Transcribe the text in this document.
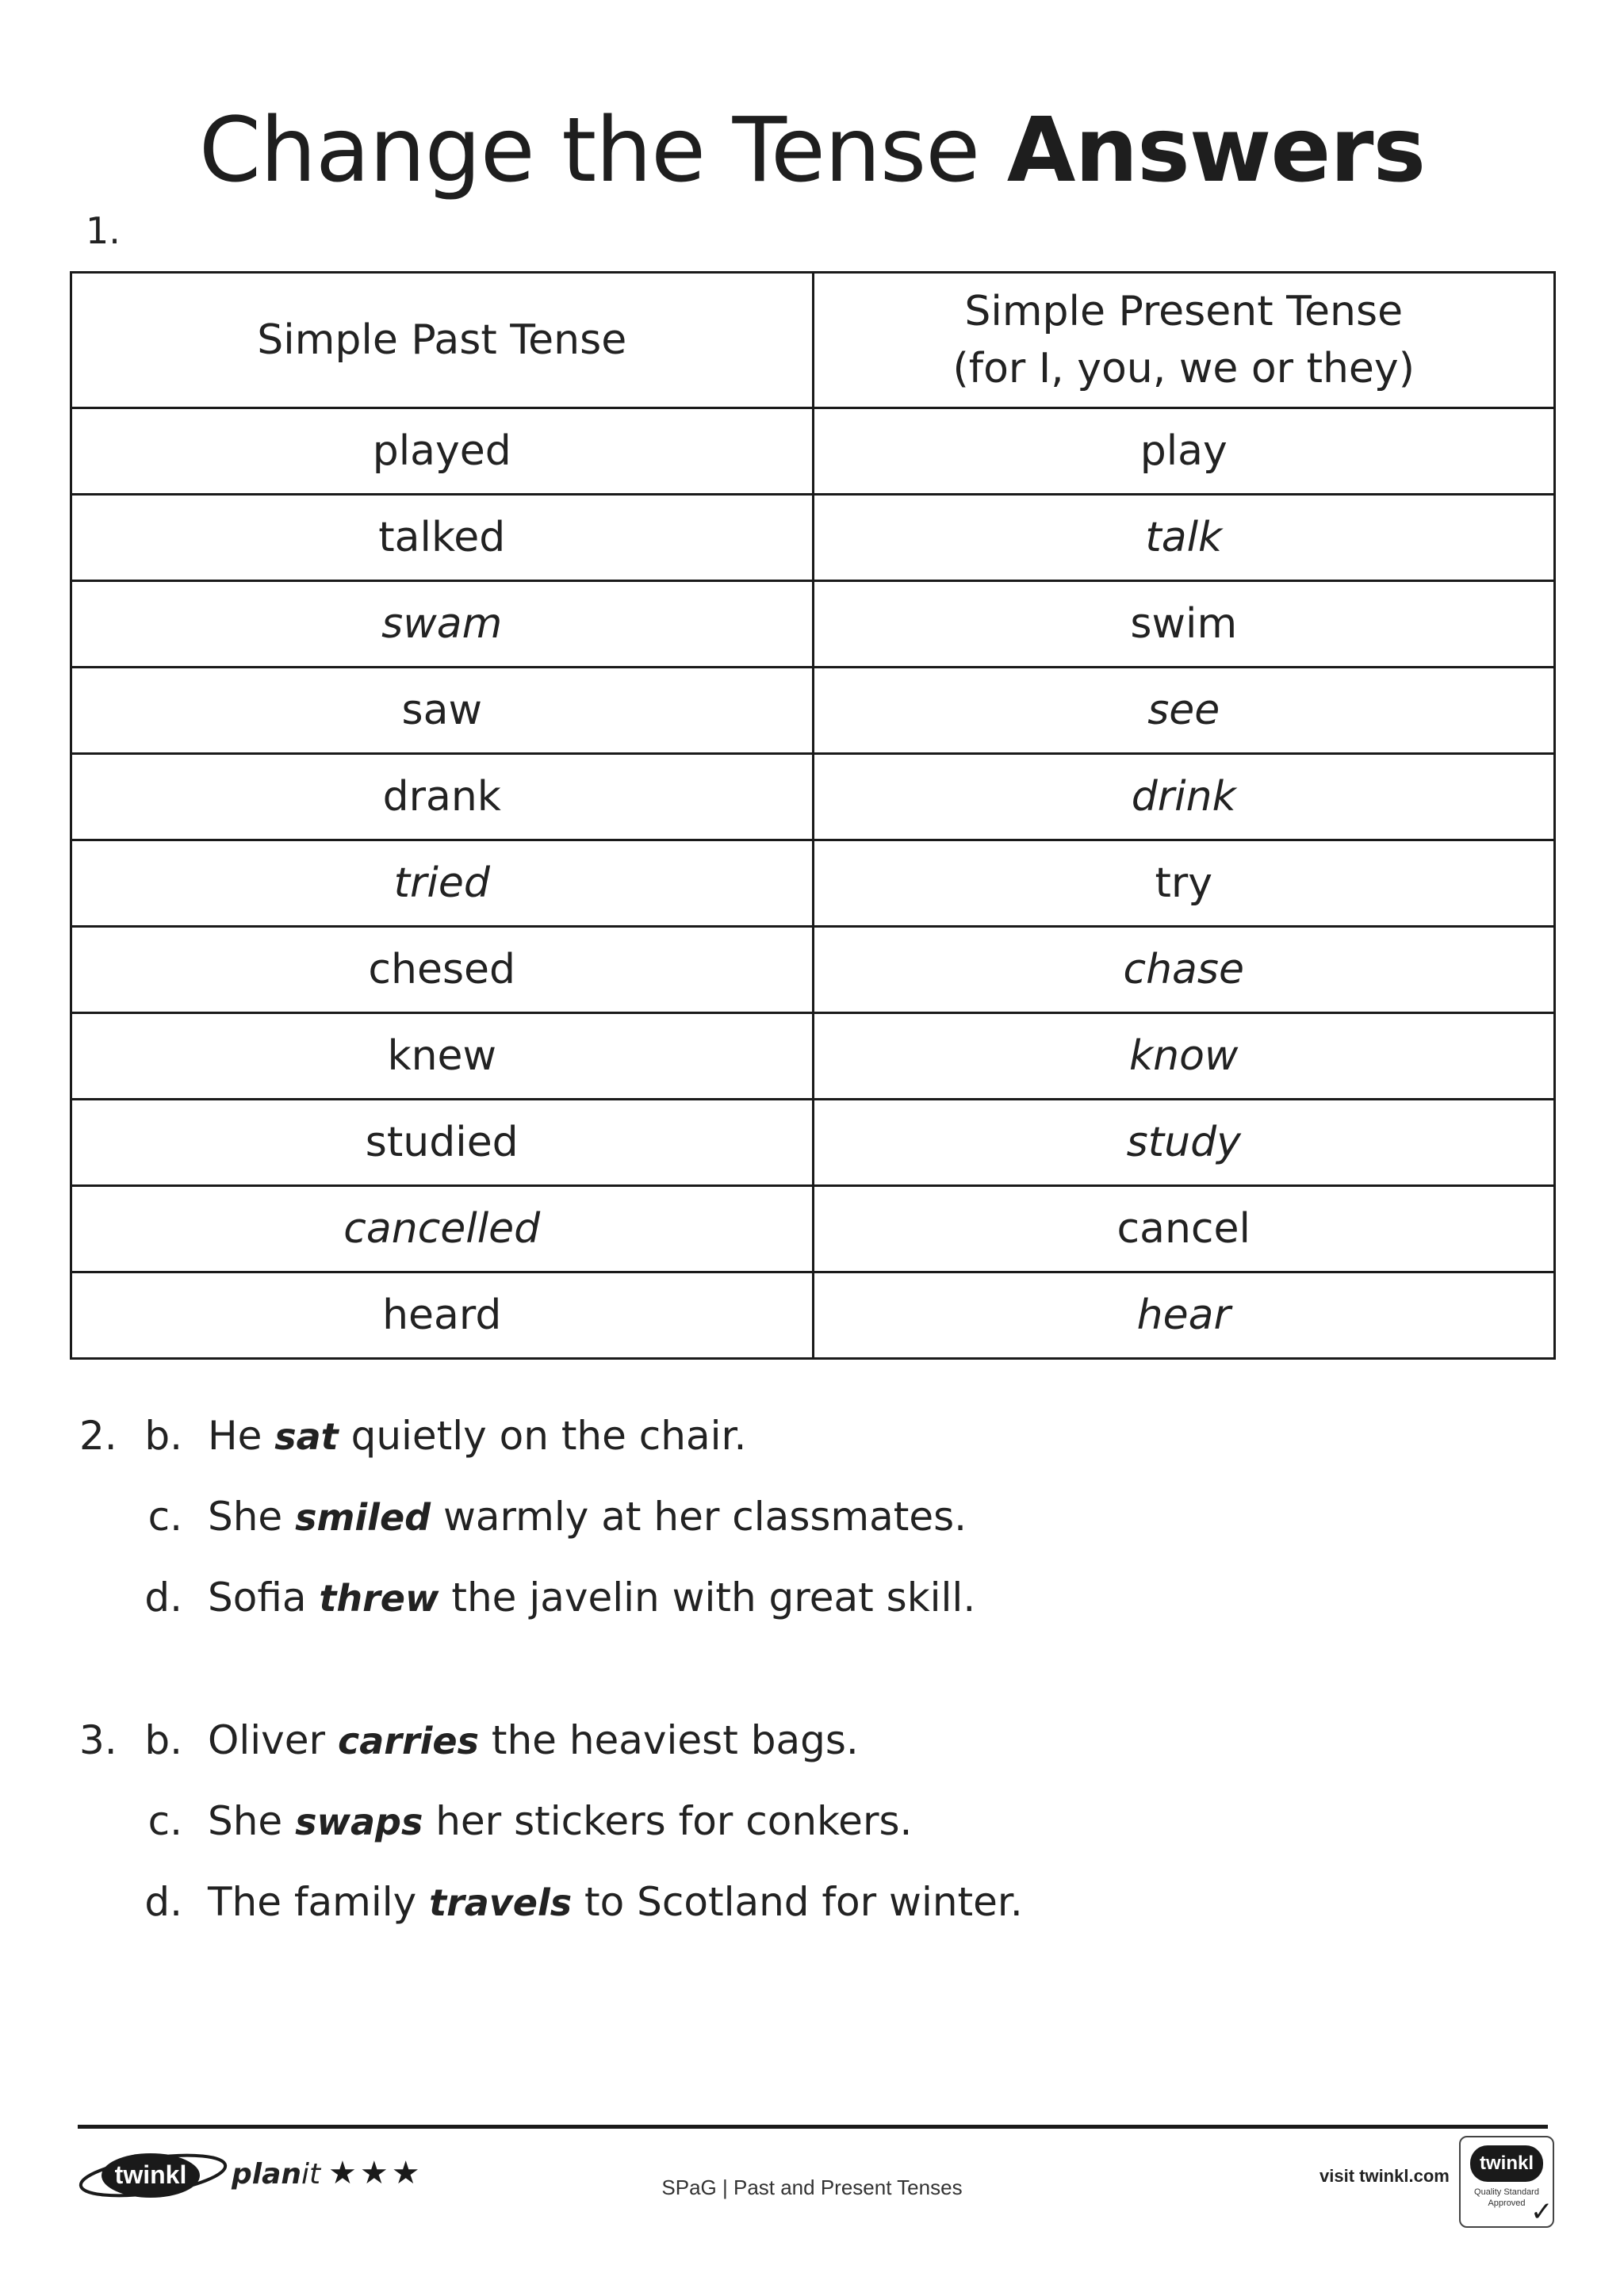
Change the Tense Answers
1.
Simple Past Tense	Simple Present Tense
(for I, you, we or they)
played	play
talked	talk
swam	swim
saw	see
drank	drink
tried	try
chesed	chase
knew	know
studied	study
cancelled	cancel
heard	hear
2. b. He sat quietly on the chair.
c. She smiled warmly at her classmates.
d. Sofia threw the javelin with great skill.
3. b. Oliver carries the heaviest bags.
c. She swaps her stickers for conkers.
d. The family travels to Scotland for winter.
twinkl planit ★★★	SPaG | Past and Present Tenses	visit twinkl.com
twinkl
Quality Standard
Approved ✓
